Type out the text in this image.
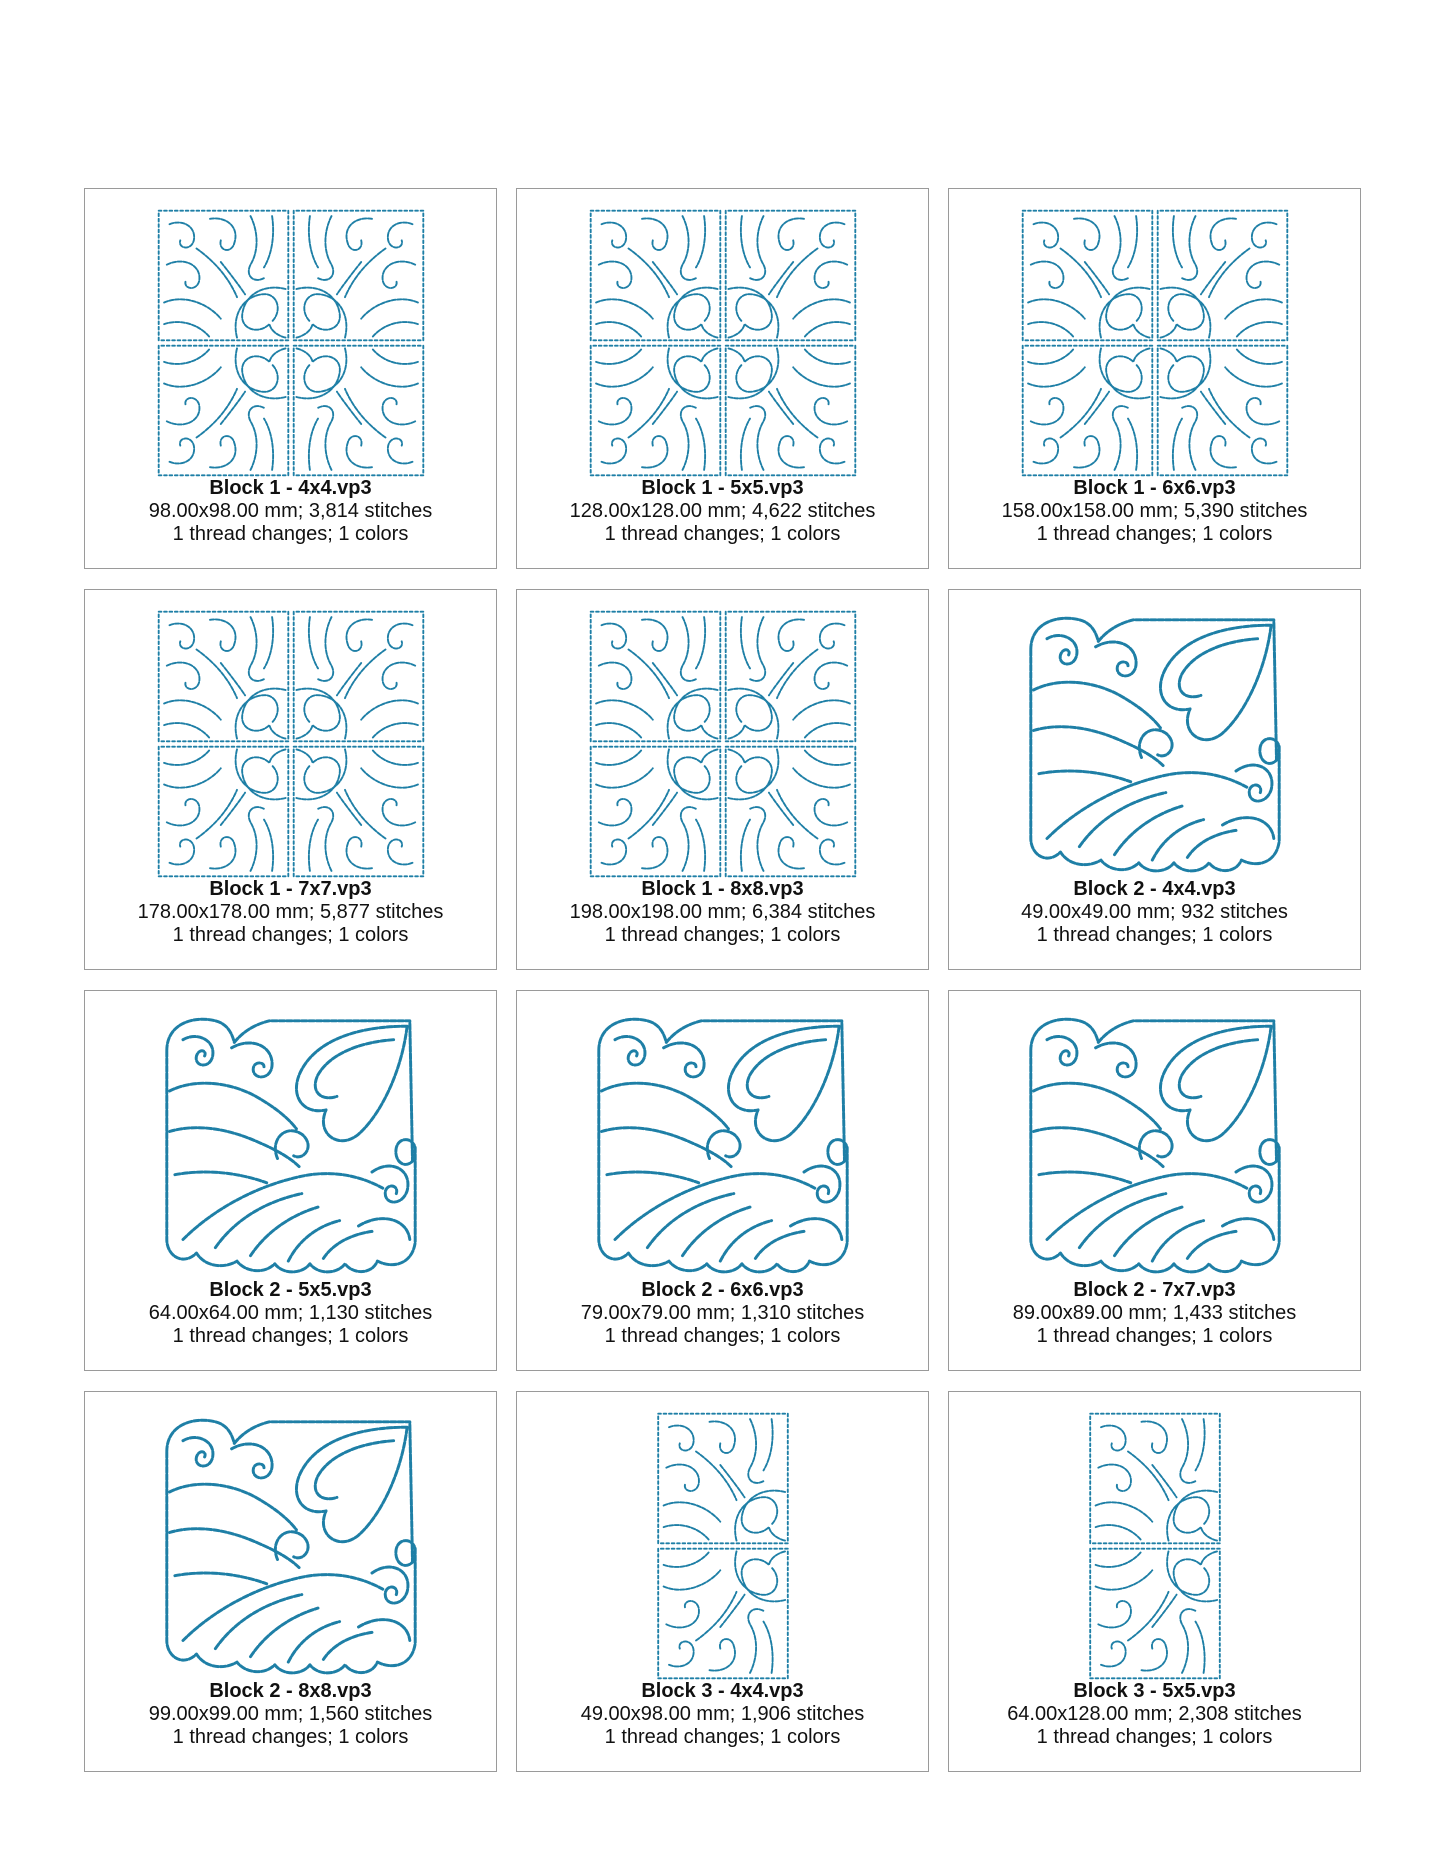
Block 1 - 4x4.vp3
98.00x98.00 mm; 3,814 stitches
1 thread changes; 1 colors
Block 1 - 5x5.vp3
128.00x128.00 mm; 4,622 stitches
1 thread changes; 1 colors
Block 1 - 6x6.vp3
158.00x158.00 mm; 5,390 stitches
1 thread changes; 1 colors
Block 1 - 7x7.vp3
178.00x178.00 mm; 5,877 stitches
1 thread changes; 1 colors
Block 1 - 8x8.vp3
198.00x198.00 mm; 6,384 stitches
1 thread changes; 1 colors
Block 2 - 4x4.vp3
49.00x49.00 mm; 932 stitches
1 thread changes; 1 colors
Block 2 - 5x5.vp3
64.00x64.00 mm; 1,130 stitches
1 thread changes; 1 colors
Block 2 - 6x6.vp3
79.00x79.00 mm; 1,310 stitches
1 thread changes; 1 colors
Block 2 - 7x7.vp3
89.00x89.00 mm; 1,433 stitches
1 thread changes; 1 colors
Block 2 - 8x8.vp3
99.00x99.00 mm; 1,560 stitches
1 thread changes; 1 colors
Block 3 - 4x4.vp3
49.00x98.00 mm; 1,906 stitches
1 thread changes; 1 colors
Block 3 - 5x5.vp3
64.00x128.00 mm; 2,308 stitches
1 thread changes; 1 colors
